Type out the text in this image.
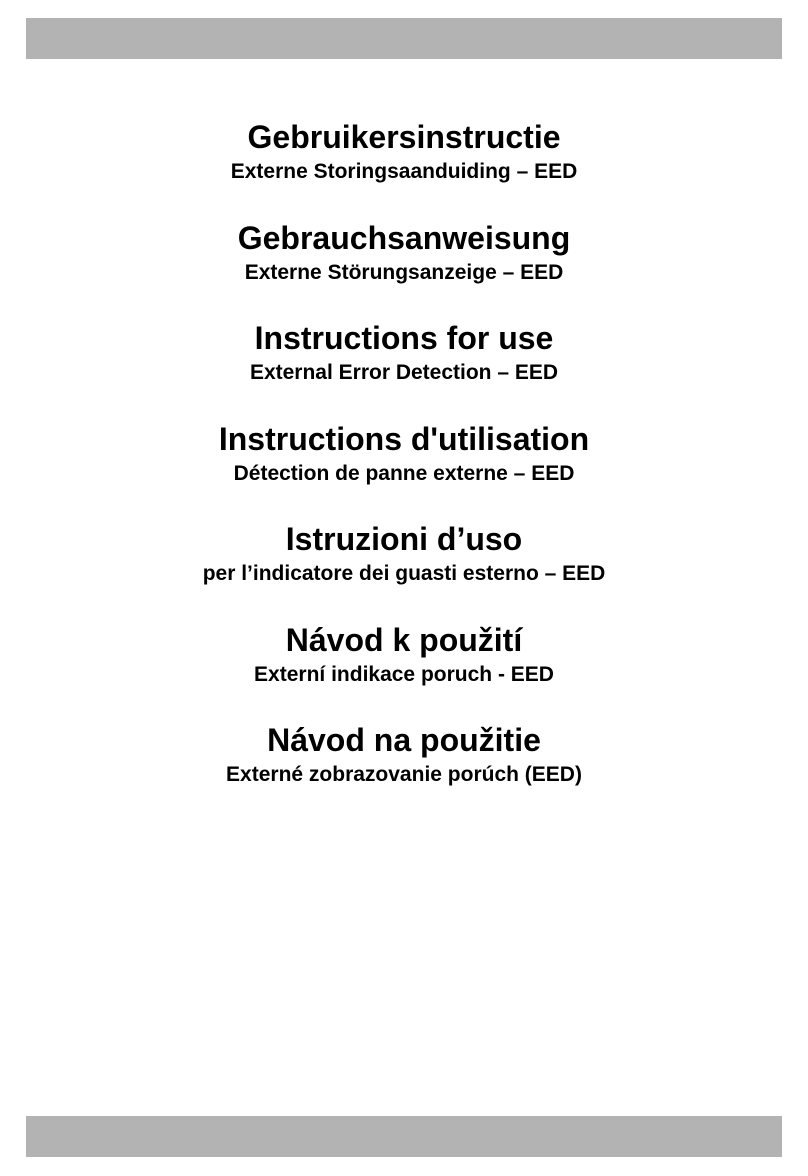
Gebruikersinstructie
Externe Storingsaanduiding – EED
Gebrauchsanweisung
Externe Störungsanzeige – EED
Instructions for use
External Error Detection – EED
Instructions d'utilisation
Détection de panne externe – EED
Istruzioni d’uso
per l’indicatore dei guasti esterno – EED
Návod k použití
Externí indikace poruch - EED
Návod na použitie
Externé zobrazovanie porúch (EED)
